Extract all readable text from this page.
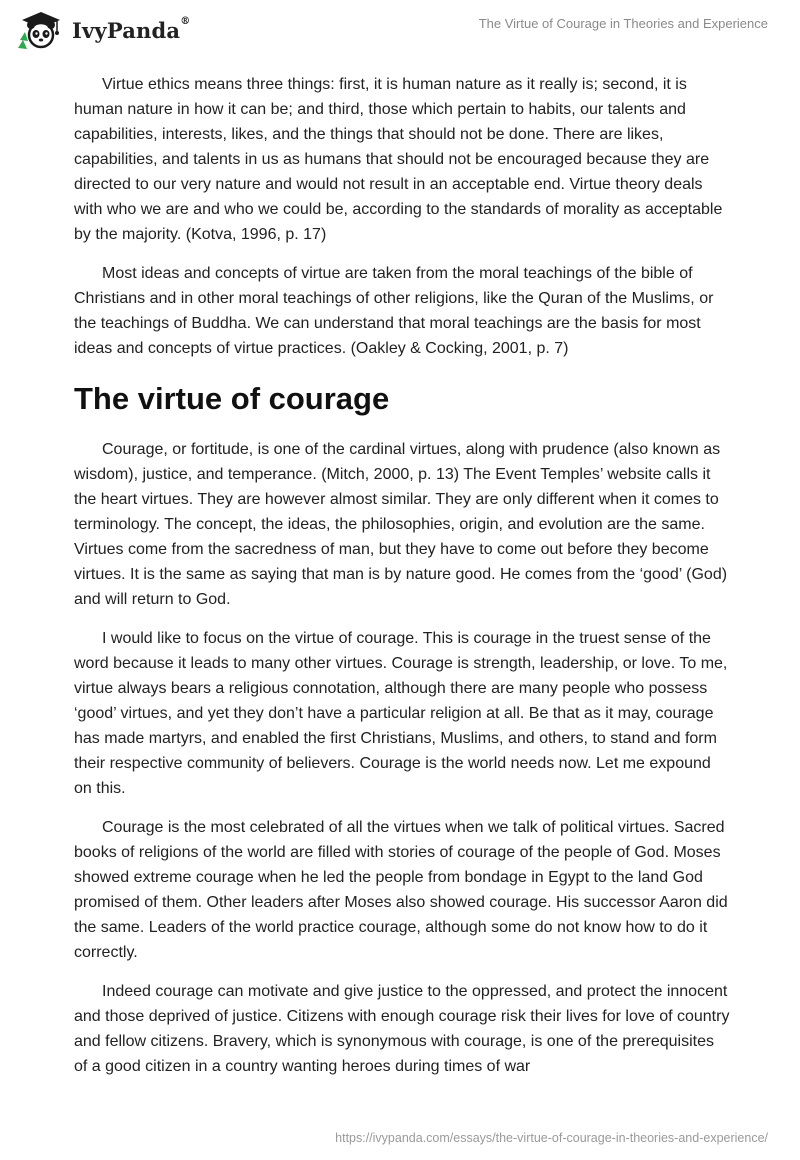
IvyPanda®	The Virtue of Courage in Theories and Experience

Virtue ethics means three things: first, it is human nature as it really is; second, it is human nature in how it can be; and third, those which pertain to habits, our talents and capabilities, interests, likes, and the things that should not be done. There are likes, capabilities, and talents in us as humans that should not be encouraged because they are directed to our very nature and would not result in an acceptable end. Virtue theory deals with who we are and who we could be, according to the standards of morality as acceptable by the majority. (Kotva, 1996, p. 17)

Most ideas and concepts of virtue are taken from the moral teachings of the bible of Christians and in other moral teachings of other religions, like the Quran of the Muslims, or the teachings of Buddha. We can understand that moral teachings are the basis for most ideas and concepts of virtue practices. (Oakley & Cocking, 2001, p. 7)

The virtue of courage

Courage, or fortitude, is one of the cardinal virtues, along with prudence (also known as wisdom), justice, and temperance. (Mitch, 2000, p. 13) The Event Temples’ website calls it the heart virtues. They are however almost similar. They are only different when it comes to terminology. The concept, the ideas, the philosophies, origin, and evolution are the same. Virtues come from the sacredness of man, but they have to come out before they become virtues. It is the same as saying that man is by nature good. He comes from the ‘good’ (God) and will return to God.

I would like to focus on the virtue of courage. This is courage in the truest sense of the word because it leads to many other virtues. Courage is strength, leadership, or love. To me, virtue always bears a religious connotation, although there are many people who possess ‘good’ virtues, and yet they don’t have a particular religion at all. Be that as it may, courage has made martyrs, and enabled the first Christians, Muslims, and others, to stand and form their respective community of believers. Courage is the world needs now. Let me expound on this.

Courage is the most celebrated of all the virtues when we talk of political virtues. Sacred books of religions of the world are filled with stories of courage of the people of God. Moses showed extreme courage when he led the people from bondage in Egypt to the land God promised of them. Other leaders after Moses also showed courage. His successor Aaron did the same. Leaders of the world practice courage, although some do not know how to do it correctly.

Indeed courage can motivate and give justice to the oppressed, and protect the innocent and those deprived of justice. Citizens with enough courage risk their lives for love of country and fellow citizens. Bravery, which is synonymous with courage, is one of the prerequisites of a good citizen in a country wanting heroes during times of war

https://ivypanda.com/essays/the-virtue-of-courage-in-theories-and-experience/
